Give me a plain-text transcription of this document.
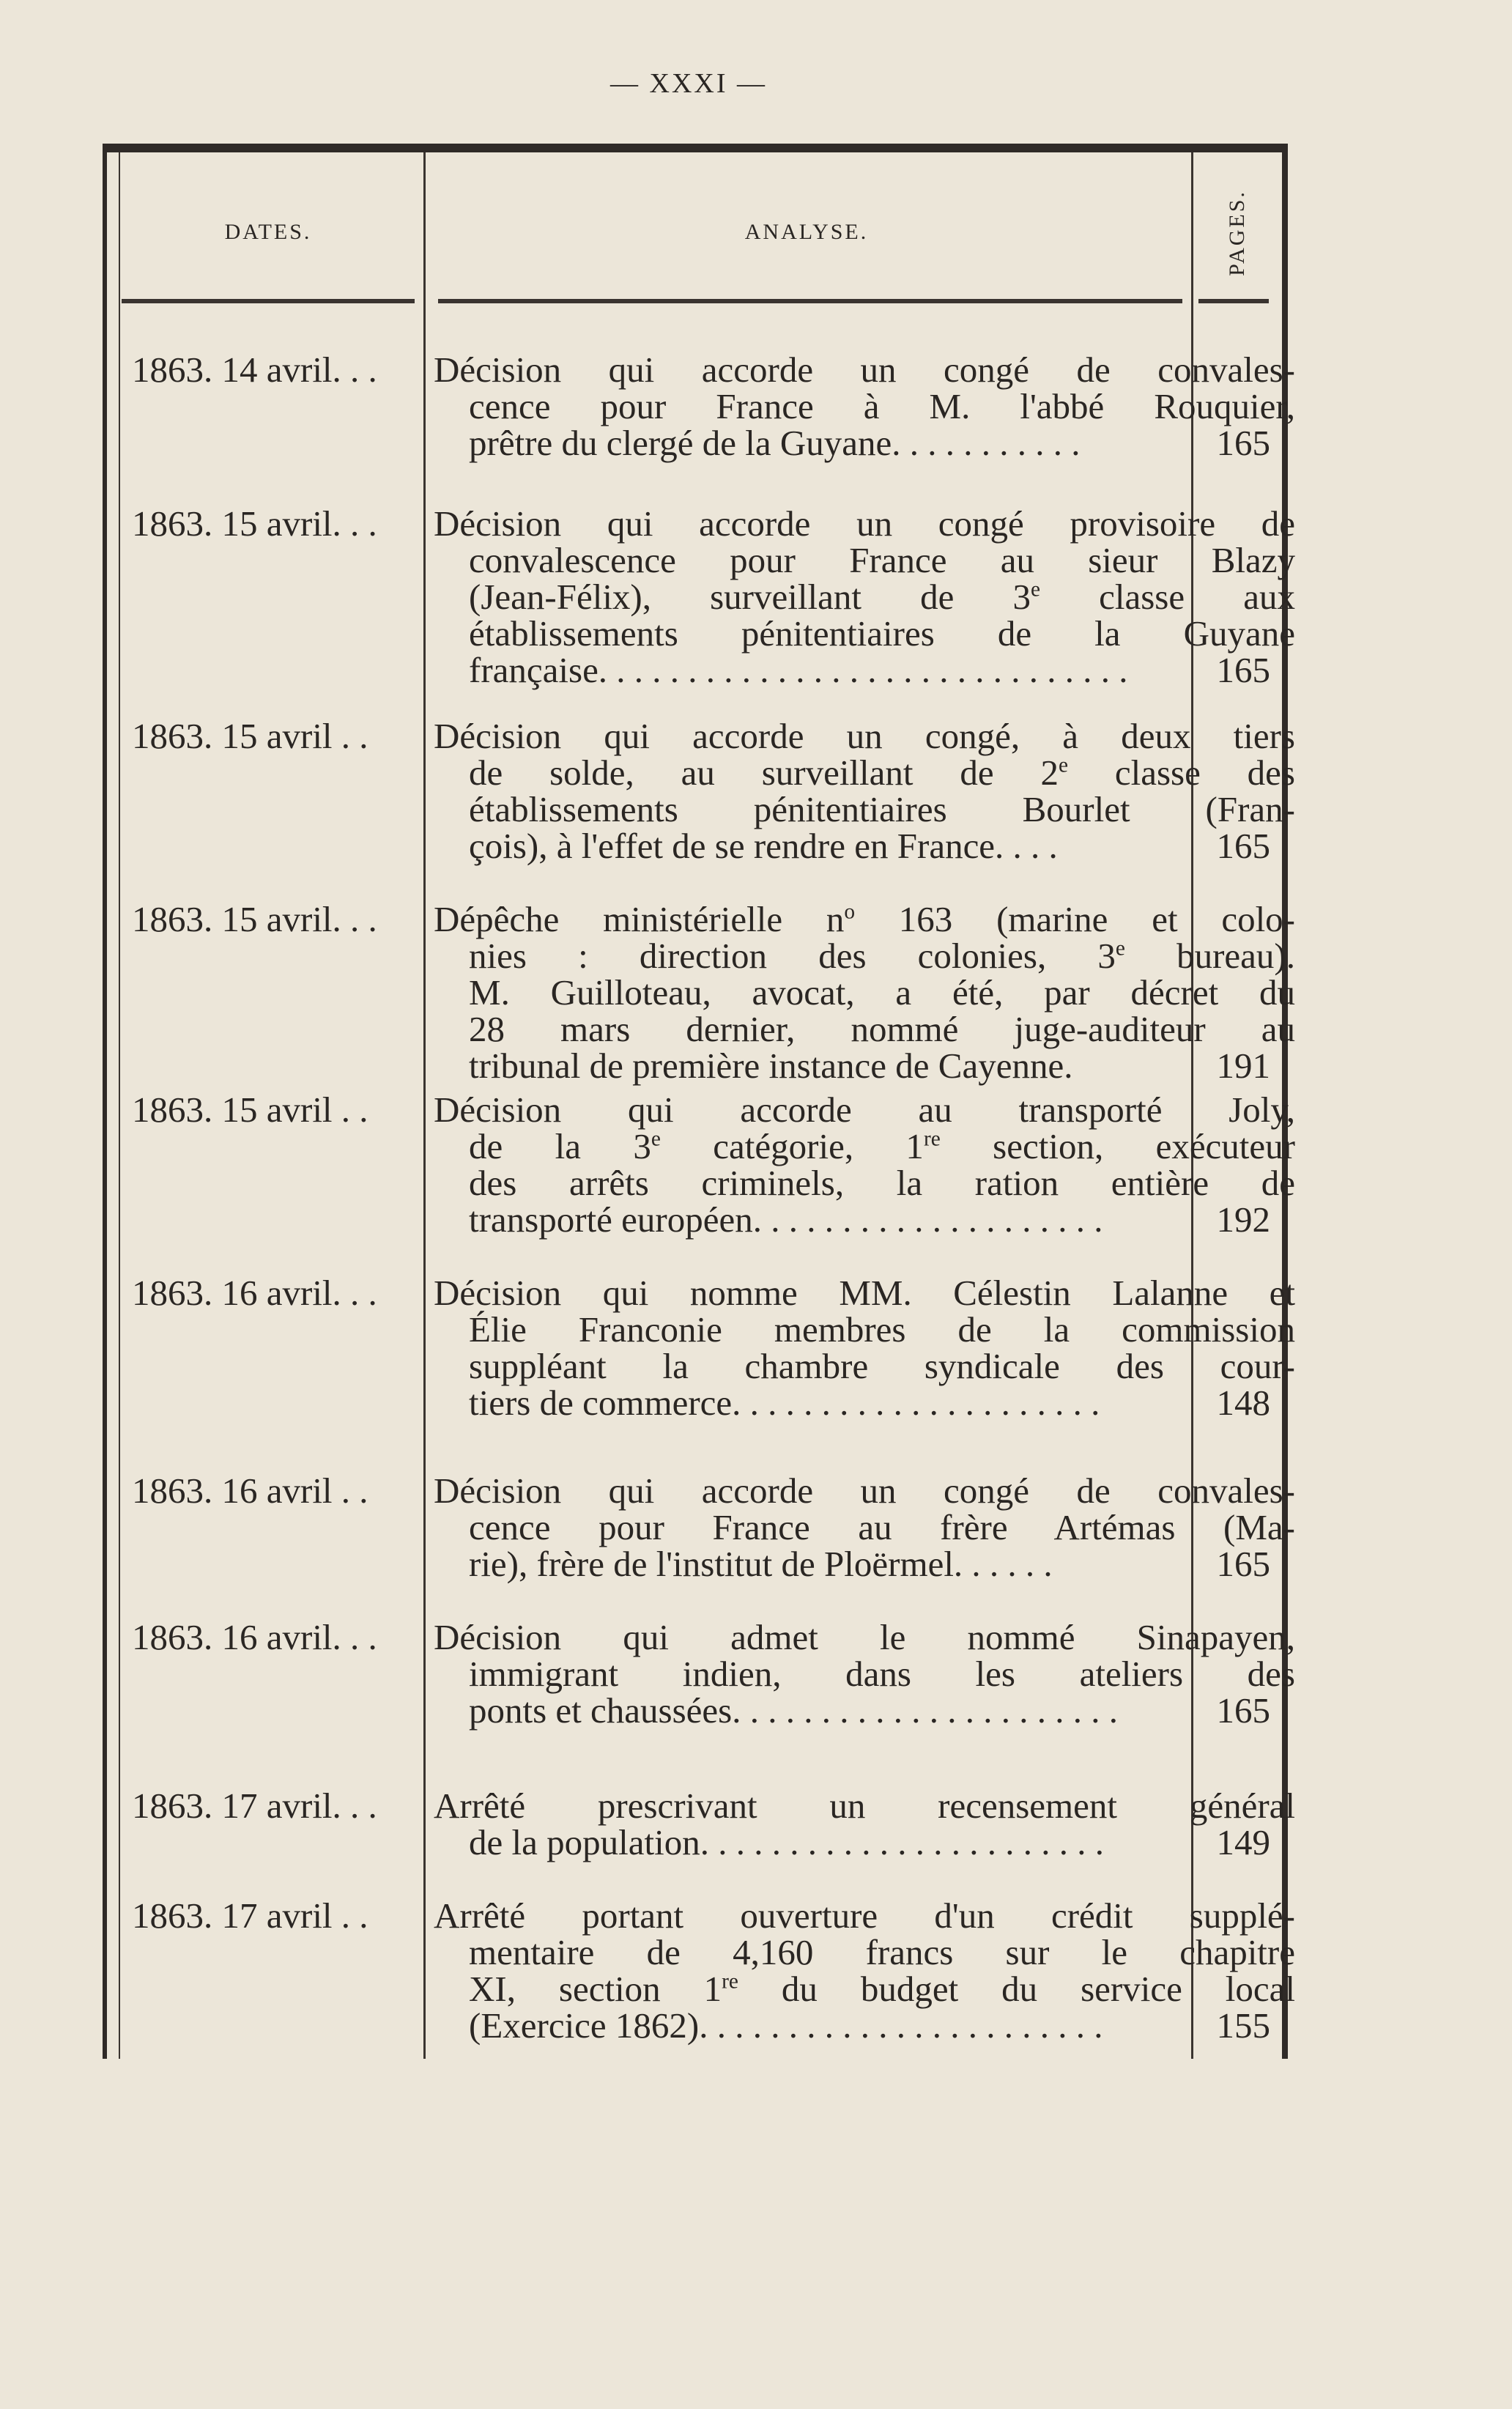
— XXXI —
DATES.	ANALYSE.	PAGES.
1863. 14 avril. . .	Décision qui accorde un congé de convales-
cence pour France à M. l'abbé Rouquier,
prêtre du clergé de la Guyane. . . . . . . . . . .	165
1863. 15 avril. . .	Décision qui accorde un congé provisoire de
convalescence pour France au sieur Blazy
(Jean-Félix), surveillant de 3e classe aux
établissements pénitentiaires de la Guyane
française. . . . . . . . . . . . . . . . . . . . . . . . . . . . . .	165
1863. 15 avril . .	Décision qui accorde un congé, à deux tiers
de solde, au surveillant de 2e classe des
établissements pénitentiaires Bourlet (Fran-
çois), à l'effet de se rendre en France. . . .	165
1863. 15 avril. . .	Dépêche ministérielle $n^o$ 163 (marine et colo-
nies : direction des colonies, 3e bureau).
M. Guilloteau, avocat, a été, par décret du
28 mars dernier, nommé juge-auditeur au
tribunal de première instance de Cayenne.	191
1863. 15 avril . .	Décision qui accorde au transporté Joly,
de la 3e catégorie, 1re section, exécuteur
des arrêts criminels, la ration entière de
transporté européen. . . . . . . . . . . . . . . . . . . .	192
1863. 16 avril. . .	Décision qui nomme MM. Célestin Lalanne et
Élie Franconie membres de la commission
suppléant la chambre syndicale des cour-
tiers de commerce. . . . . . . . . . . . . . . . . . . . .	148
1863. 16 avril . .	Décision qui accorde un congé de convales-
cence pour France au frère Artémas (Ma-
rie), frère de l'institut de Ploërmel. . . . . .	165
1863. 16 avril. . .	Décision qui admet le nommé Sinapayen,
immigrant indien, dans les ateliers des
ponts et chaussées. . . . . . . . . . . . . . . . . . . . . .	165
1863. 17 avril. . .	Arrêté prescrivant un recensement général
de la population. . . . . . . . . . . . . . . . . . . . . . .	149
1863. 17 avril . .	Arrêté portant ouverture d'un crédit supplé-
mentaire de 4,160 francs sur le chapitre
XI, section 1re du budget du service local
(Exercice 1862). . . . . . . . . . . . . . . . . . . . . . .	155
